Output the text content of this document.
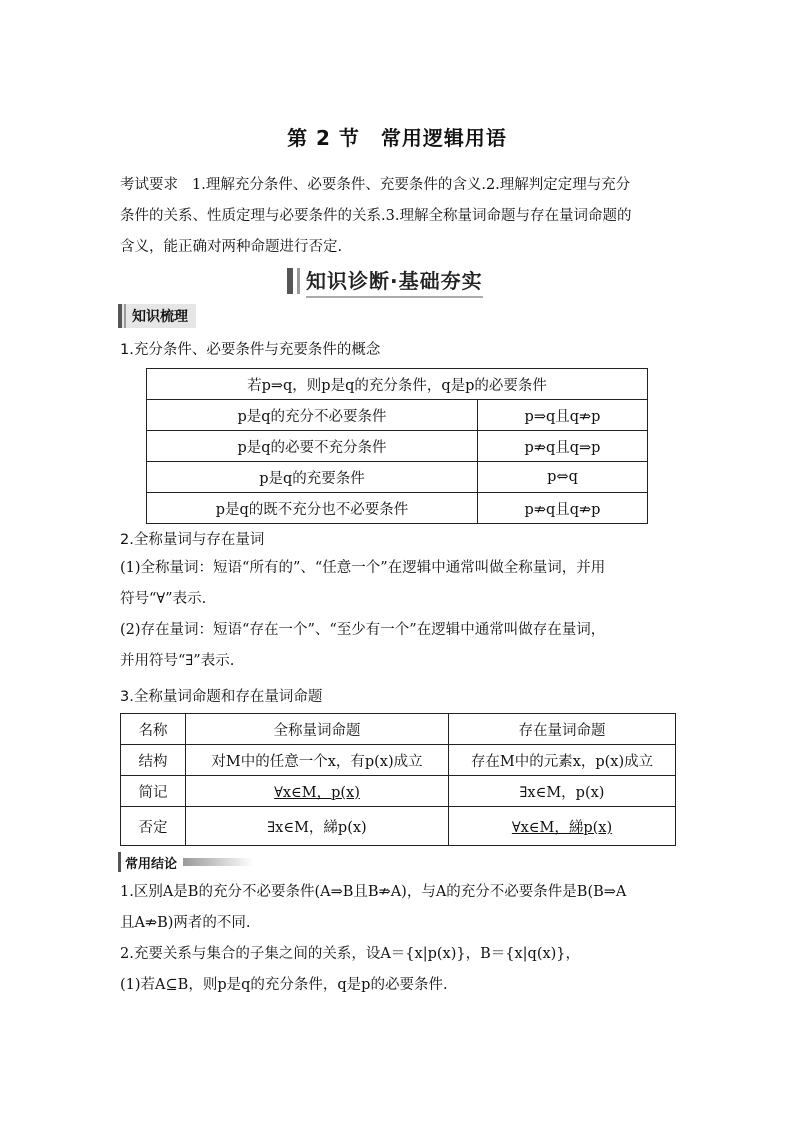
第 2 节　常用逻辑用语

考试要求 1.理解充分条件、必要条件、充要条件的含义.2.理解判定定理与充分
条件的关系、性质定理与必要条件的关系.3.理解全称量词命题与存在量词命题的
含义，能正确对两种命题进行否定.

知识诊断·基础夯实
知识梳理
1.充分条件、必要条件与充要条件的概念
若p⇒q，则p是q的充分条件，q是p的必要条件	
p是q的充分不必要条件	p⇒q且q⇏p
p是q的必要不充分条件	p⇏q且q⇒p
p是q的充要条件	p⇔q
p是q的既不充分也不必要条件	p⇏q且q⇏p
2.全称量词与存在量词

(1)全称量词：短语“所有的”、“任意一个”在逻辑中通常叫做全称量词，并用
符号“∀”表示.

(2)存在量词：短语“存在一个”、“至少有一个”在逻辑中通常叫做存在量词，
并用符号“∃”表示.

3.全称量词命题和存在量词命题
名称	全称量词命题	存在量词命题
结构	对M中的任意一个x，有p(x)成立	存在M中的元素x，p(x)成立
简记	∀x∈M，p(x)	∃x∈M，p(x)
否定	∃x∈M，綈p(x)	∀x∈M，綈p(x)
常用结论

1.区别A是B的充分不必要条件(A⇒B且B⇏A)，与A的充分不必要条件是B(B⇒A
且A⇏B)两者的不同.

2.充要关系与集合的子集之间的关系，设A＝{x|p(x)}，B＝{x|q(x)}，

(1)若A⊆B，则p是q的充分条件，q是p的必要条件.
